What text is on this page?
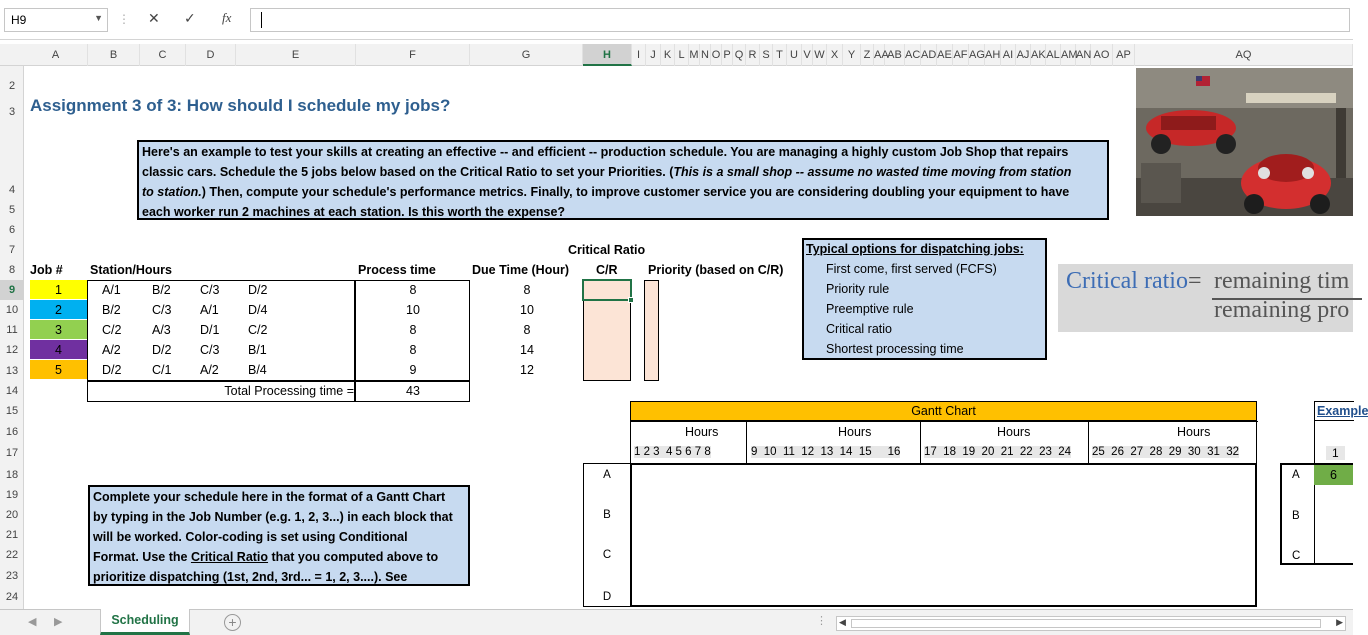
H9	▼ ⋮ ✕ ✓ fx
A	B	C	D	E	F	G	H	I J K L M N O P Q R S T U V W X Y Z AA
AB AC AD AE AF AG AH AI AJ AK AL AM
AN AO AP	AQ
2
3
4
5
6
7
8
9
10
11
12
13
14
15
16
17
18
19
20
21
22
23
24
Assignment 3 of 3: How should I schedule my jobs?
Here's an example to test your skills at creating an effective -- and efficient -- production schedule. You are managing a highly custom Job Shop that repairs
classic cars. Schedule the 5 jobs below based on the Critical Ratio to set your Priorities. (This is a small shop -- assume no wasted time moving from station
to station.) Then, compute your schedule's performance metrics. Finally, to improve customer service you are considering doubling your equipment to have
each worker run 2 machines at each station. Is this worth the expense?
Critical Ratio
Job # Station/Hours	Process time	Due Time (Hour) C/R Priority (based on C/R)
Total Processing time =	43
Typical options for dispatching jobs:
First come, first served (FCFS)
Priority rule
Preemptive rule
Critical ratio
Shortest processing time
Critical ratio = remaining tim
remaining pro
Gantt Chart
Hours	Hours	Hours	Hours
1 2 3  4 5 6 7 8	9  10  11  12  13  14  15     16 17  18  19  20  21  22  23  24 25  26  27  28  29  30  31  32
A
B
C
D
Example
1
A
B
C
6
Complete your schedule here in the format of a Gantt Chart
by typing in the Job Number (e.g. 1, 2, 3...) in each block that
will be worked. Color-coding is set using Conditional
Format. Use the Critical Ratio that you computed above to
prioritize dispatching (1st, 2nd, 3rd... = 1, 2, 3....). See
◀ ▶	Scheduling	+	⋮ ◀	▶
1	A/1	B/2	C/3	D/2	8	8
2	B/2	C/3	A/1	D/4	10	10
3	C/2	A/3	D/1	C/2	8	8
4	A/2	D/2	C/3	B/1	8	14
5	D/2	C/1	A/2	B/4	9	12
